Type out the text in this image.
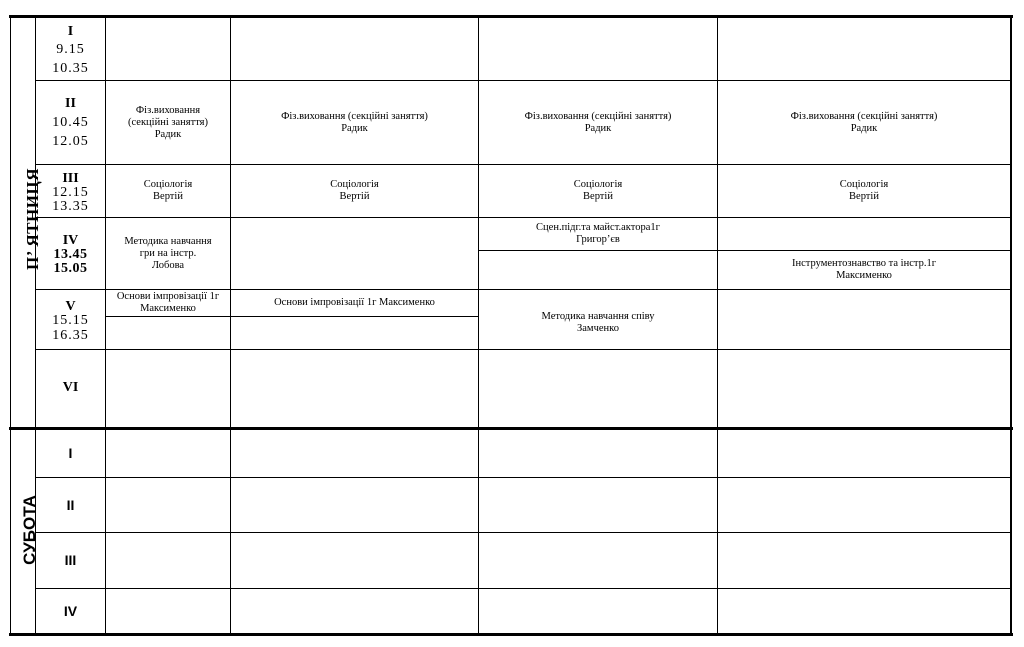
П’ ЯТНИЦЯ
СУБОТА
I
9.15
10.35
II
10.45
12.05
III
12.15
13.35
IV
13.45
15.05
V
15.15
16.35
VI
I
II
III
IV
Фіз.виховання
(секційні заняття)
Радик
Фіз.виховання (секційні заняття)
Радик
Фіз.виховання (секційні заняття)
Радик
Фіз.виховання (секційні заняття)
Радик
Соціологія
Вертій
Соціологія
Вертій
Соціологія
Вертій
Соціологія
Вертій
Методика навчання
гри на інстр.
Лобова
Сцен.підг.та майст.актора1г
Григор’єв
Інструментознавство та інстр.1г
Максименко
Основи імпровізації 1г
Максименко
Основи імпровізації 1г Максименко
Методика навчання співу
Замченко
